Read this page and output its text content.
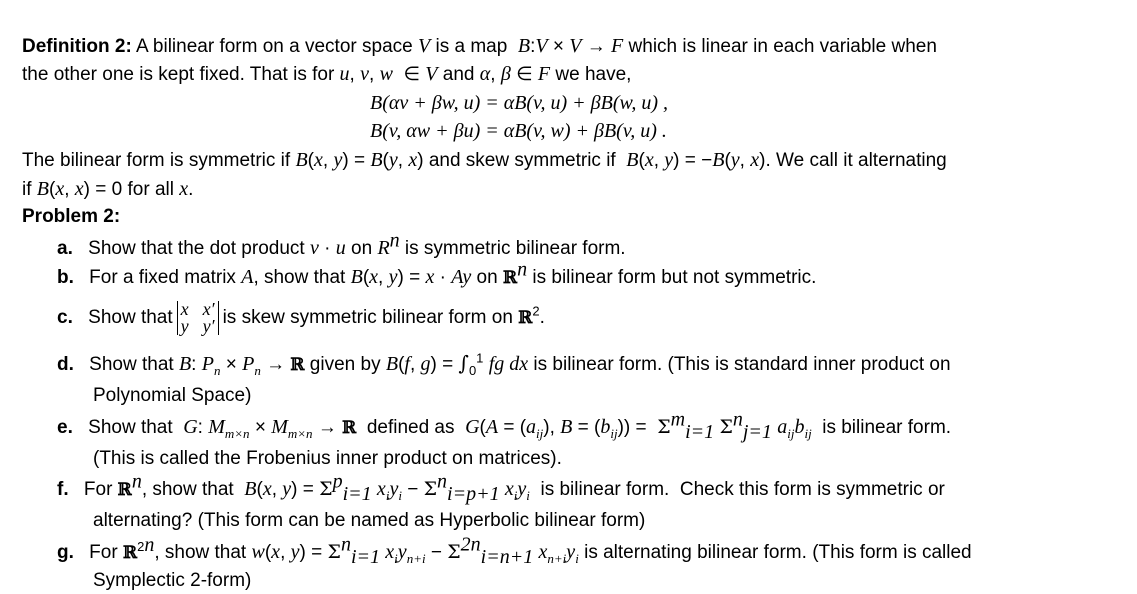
Definition 2: A bilinear form on a vector space V is a map  B:V × V → F which is linear in each variable when
the other one is kept fixed. That is for u, v, w  ∈ V and α, β ∈ F we have,
B(αv + βw, u) = αB(v, u) + βB(w, u) ,
B(v, αw + βu) = αB(v, w) + βB(v, u) .
The bilinear form is symmetric if B(x, y) = B(y, x) and skew symmetric if  B(x, y) = −B(y, x). We call it alternating
if B(x, x) = 0 for all x.
Problem 2:
a. Show that the dot product v · u on $R^n$ is symmetric bilinear form.
b. For a fixed matrix A, show that B(x, y) = x · Ay on ℝ$^n$ is bilinear form but not symmetric.
c. Show that x x′
y y′ is skew symmetric bilinear form on ℝ$^2$.
d. Show that B: $P_n \times P_n$ → ℝ given by B(f, $g) = \int_0^1$ fg dx is bilinear form. (This is standard inner product on
Polynomial Space)
e. Show that  G: $M_{m\times n} \times M_{m\times n}$ → ℝ  defined as  $G(A = (a_{ij})$, $B = (b_{ij})) = \Sigma^m_{i=1}$ $\Sigma^n_{j=1}$ $a_{ij}b_{ij}$  is bilinear form.
(This is called the Frobenius inner product on matrices).
f. For ℝ$^n$, show that  B(x, $y) = \Sigma^p_{i=1}$ $x_iy_i - \Sigma^n_{i=p+1}$ $x_iy_i$  is bilinear form.  Check this form is symmetric or
alternating? (This form can be named as Hyperbolic bilinear form)
g. For ℝ$^{2n}$, show that w(x, $y) = \Sigma^n_{i=1}$ $x_iy_{n+i} - \Sigma^{2n}_{i=n+1}$ $x_{n+i}y_i$ is alternating bilinear form. (This form is called
Symplectic 2-form)
